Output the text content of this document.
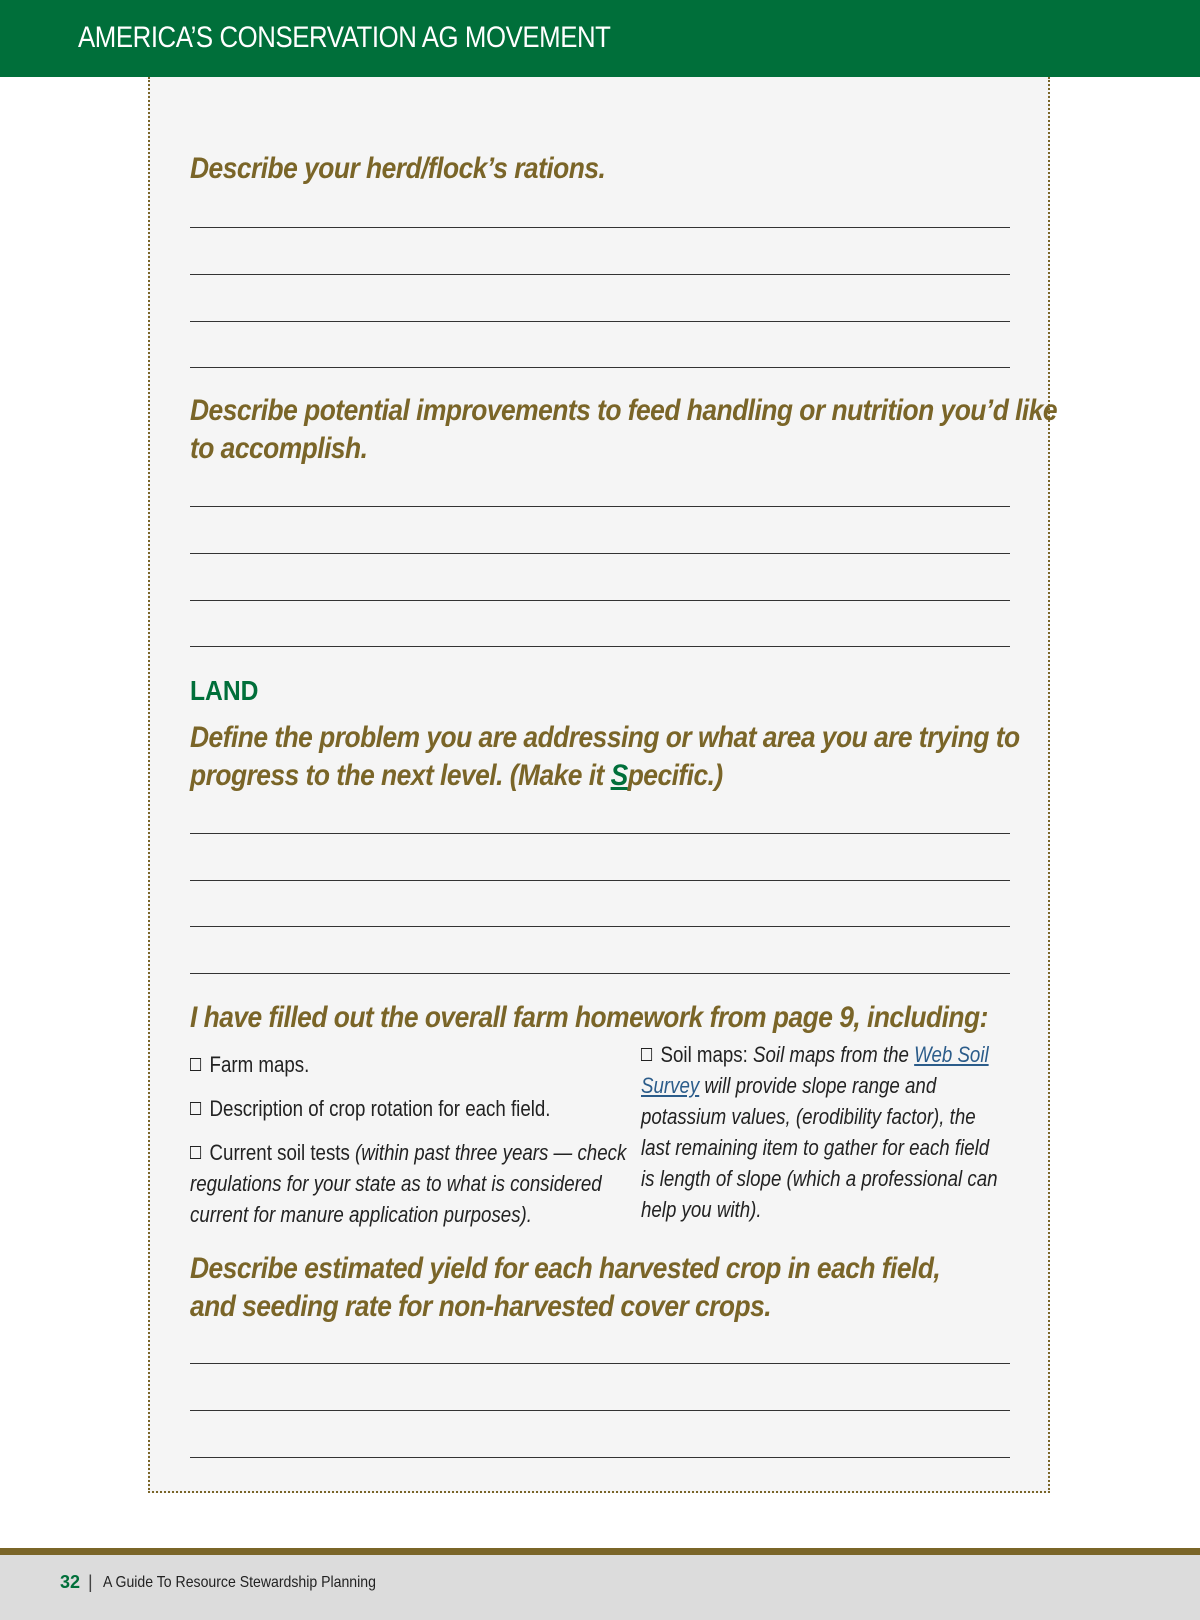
AMERICA’S CONSERVATION AG MOVEMENT
Describe your herd/flock’s rations.
Describe potential improvements to feed handling or nutrition you’d like
to accomplish.
LAND
Define the problem you are addressing or what area you are trying to
progress to the next level. (Make it Specific.)
I have filled out the overall farm homework from page 9, including:
Farm maps.
Description of crop rotation for each field.
Current soil tests (within past three years — check
regulations for your state as to what is considered
current for manure application purposes).
Soil maps: Soil maps from the Web Soil
Survey will provide slope range and
potassium values, (erodibility factor), the
last remaining item to gather for each field
is length of slope (which a professional can
help you with).
Describe estimated yield for each harvested crop in each field,
and seeding rate for non-harvested cover crops.
32 | A Guide To Resource Stewardship Planning
